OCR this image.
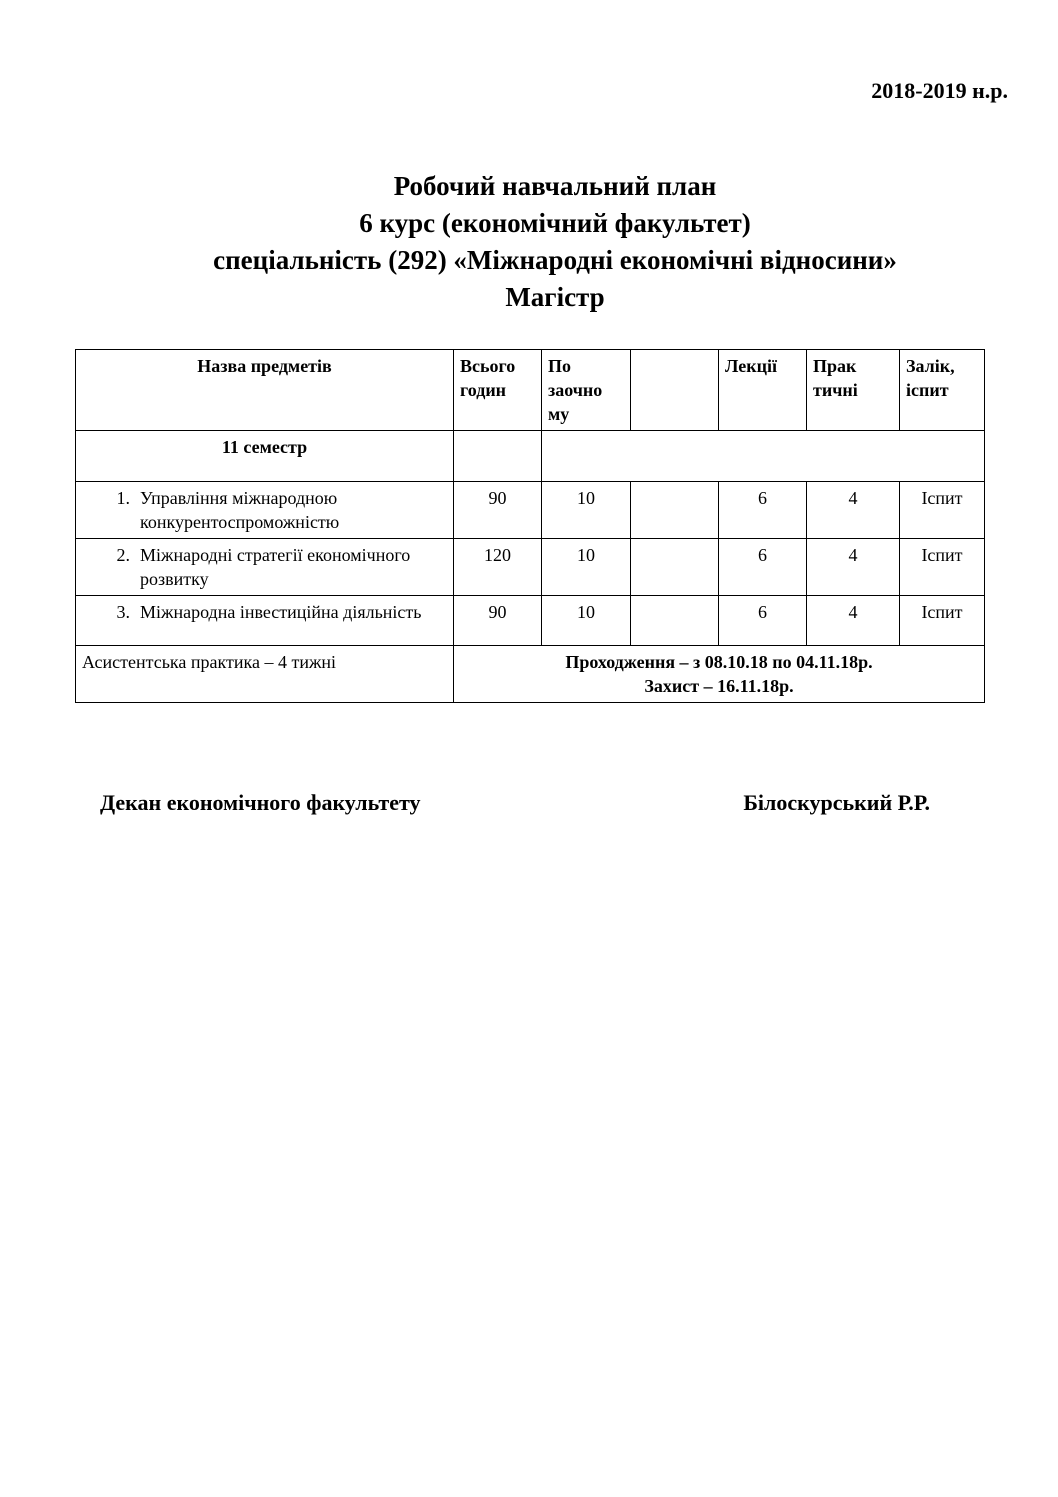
2018-2019 н.р.
Робочий навчальний план
6 курс (економічний факультет)
спеціальність (292) «Міжнародні економічні відносини»
Магістр
Назва предметів	Всього годин	По заочно му		Лекції	Прак тичні	Залік, іспит
11 семестр						

1. Управління міжнародною конкурентоспроможністю	90	10		6	4	Іспит

2. Міжнародні стратегії економічного розвитку	120	10		6	4	Іспит

3. Міжнародна інвестиційна діяльність	90	10		6	4	Іспит
Асистентська практика – 4 тижні	Проходження – з 08.10.18 по 04.11.18р.
Захист – 16.11.18р.					
Декан економічного факультету	Білоскурський Р.Р.
